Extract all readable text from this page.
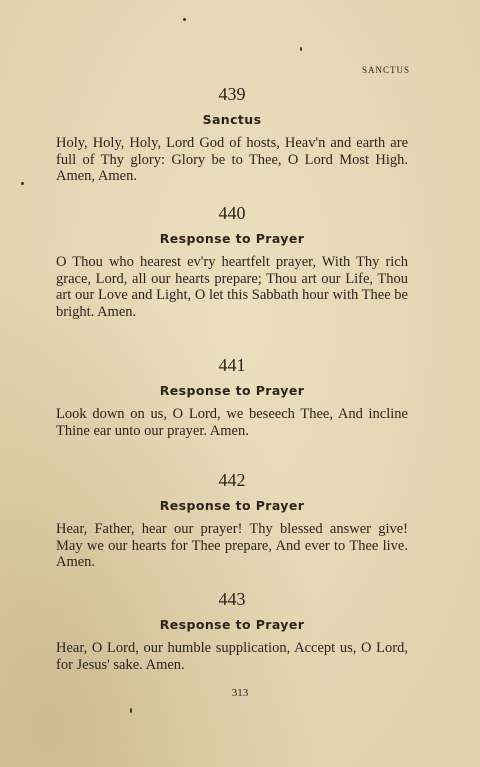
SANCTUS
439
Sanctus

Holy, Holy, Holy, Lord God of hosts, Heav'n and earth are full of Thy glory: Glory be to Thee, O Lord Most High. Amen, Amen.

440
Response to Prayer

O Thou who hearest ev'ry heartfelt prayer, With Thy rich grace, Lord, all our hearts prepare; Thou art our Life, Thou art our Love and Light, O let this Sabbath hour with Thee be bright. Amen.

441
Response to Prayer

Look down on us, O Lord, we beseech Thee, And incline Thine ear unto our prayer. Amen.

442
Response to Prayer

Hear, Father, hear our prayer! Thy blessed answer give! May we our hearts for Thee prepare, And ever to Thee live. Amen.

443
Response to Prayer

Hear, O Lord, our humble supplication, Accept us, O Lord, for Jesus' sake. Amen.

313
